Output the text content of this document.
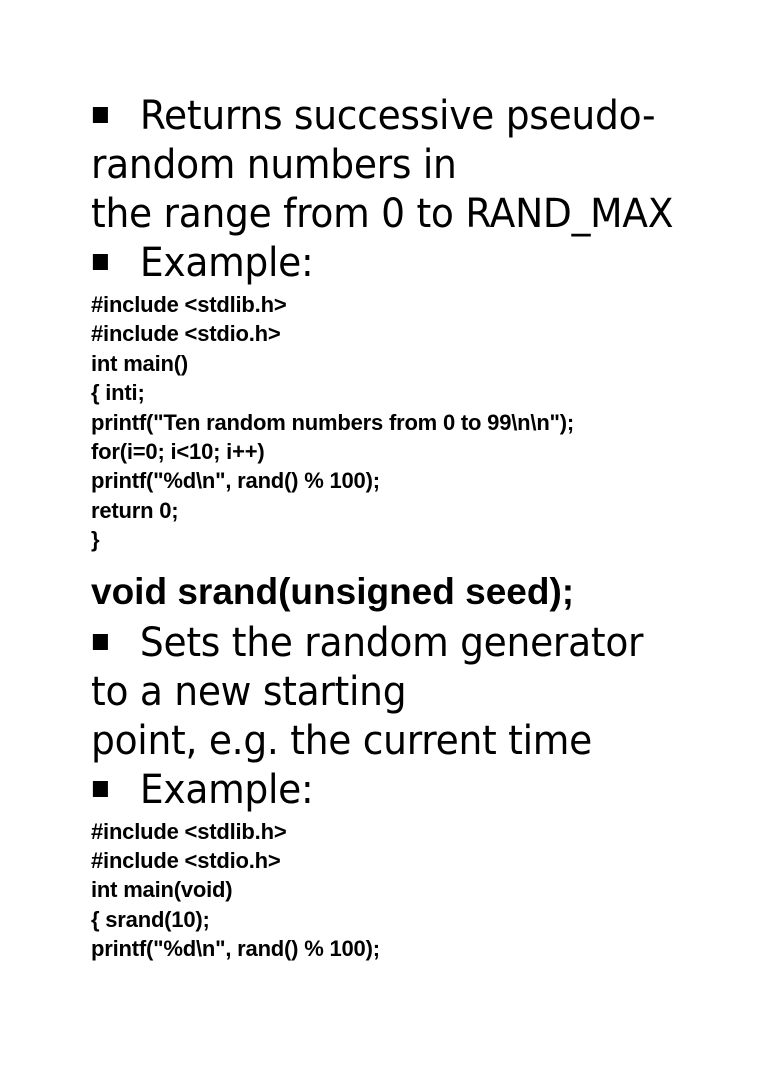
Returns successive pseudo-
random numbers in
the range from 0 to RAND_MAX
Example:
#include <stdlib.h>
#include <stdio.h>
int main()
{ inti;
printf("Ten random numbers from 0 to 99\n\n");
for(i=0; i<10; i++)
printf("%d\n", rand() % 100);
return 0;
}
void srand(unsigned seed);
Sets the random generator
to a new starting
point, e.g. the current time
Example:
#include <stdlib.h>
#include <stdio.h>
int main(void)
{ srand(10);
printf("%d\n", rand() % 100);
